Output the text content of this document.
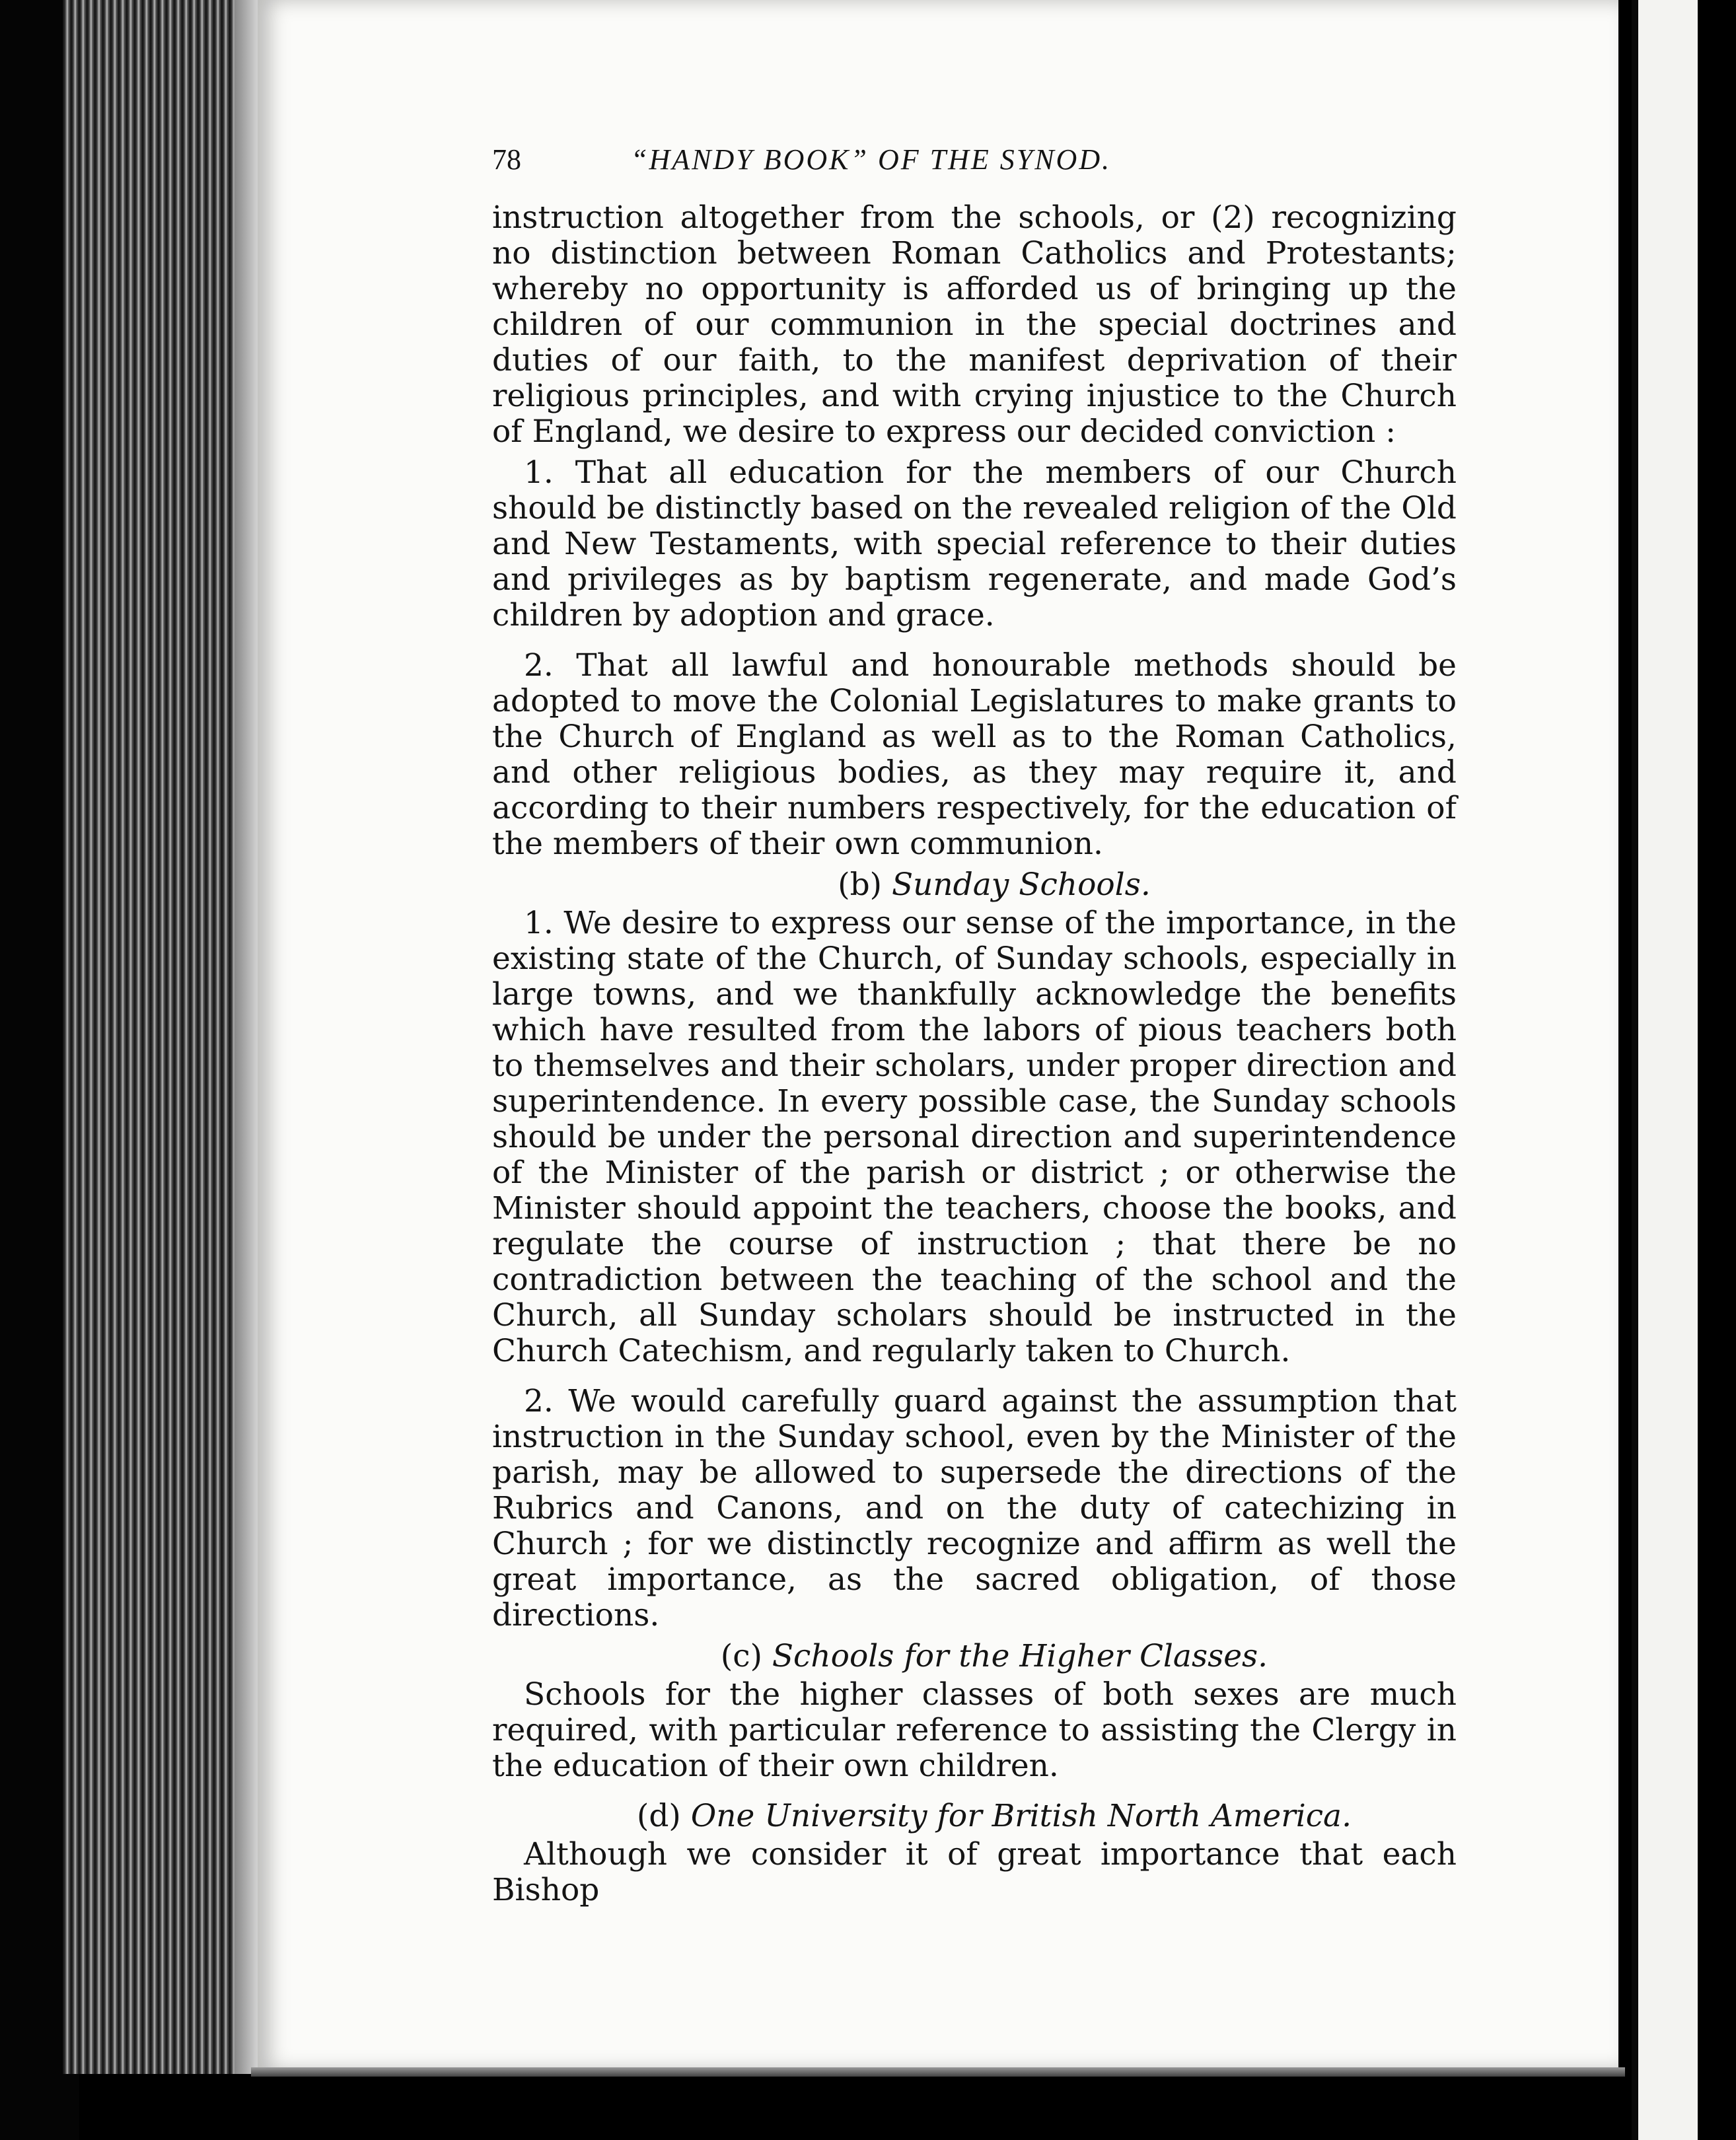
78	“HANDY BOOK” OF THE SYNOD.

instruction altogether from the schools, or (2) recognizing no distinction between Roman Catholics and Protestants; whereby no opportunity is afforded us of bringing up the children of our communion in the special doctrines and duties of our faith, to the manifest deprivation of their religious principles, and with crying injustice to the Church of England, we desire to express our decided conviction :

1. That all education for the members of our Church should be distinctly based on the revealed religion of the Old and New Testaments, with special reference to their duties and privileges as by baptism regenerate, and made God’s children by adoption and grace.

2. That all lawful and honourable methods should be adopted to move the Colonial Legislatures to make grants to the Church of England as well as to the Roman Catholics, and other religious bodies, as they may require it, and according to their numbers respectively, for the education of the members of their own communion.

(b) Sunday Schools.

1. We desire to express our sense of the importance, in the existing state of the Church, of Sunday schools, especially in large towns, and we thankfully acknowledge the benefits which have resulted from the labors of pious teachers both to themselves and their scholars, under proper direction and superintendence. In every possible case, the Sunday schools should be under the personal direction and superintendence of the Minister of the parish or district ; or otherwise the Minister should appoint the teachers, choose the books, and regulate the course of instruction ; that there be no contradiction between the teaching of the school and the Church, all Sunday scholars should be instructed in the Church Catechism, and regularly taken to Church.

2. We would carefully guard against the assumption that instruction in the Sunday school, even by the Minister of the parish, may be allowed to supersede the directions of the Rubrics and Canons, and on the duty of catechizing in Church ; for we distinctly recognize and affirm as well the great importance, as the sacred obligation, of those directions.

(c) Schools for the Higher Classes.

Schools for the higher classes of both sexes are much required, with particular reference to assisting the Clergy in the education of their own children.

(d) One University for British North America.

Although we consider it of great importance that each Bishop
